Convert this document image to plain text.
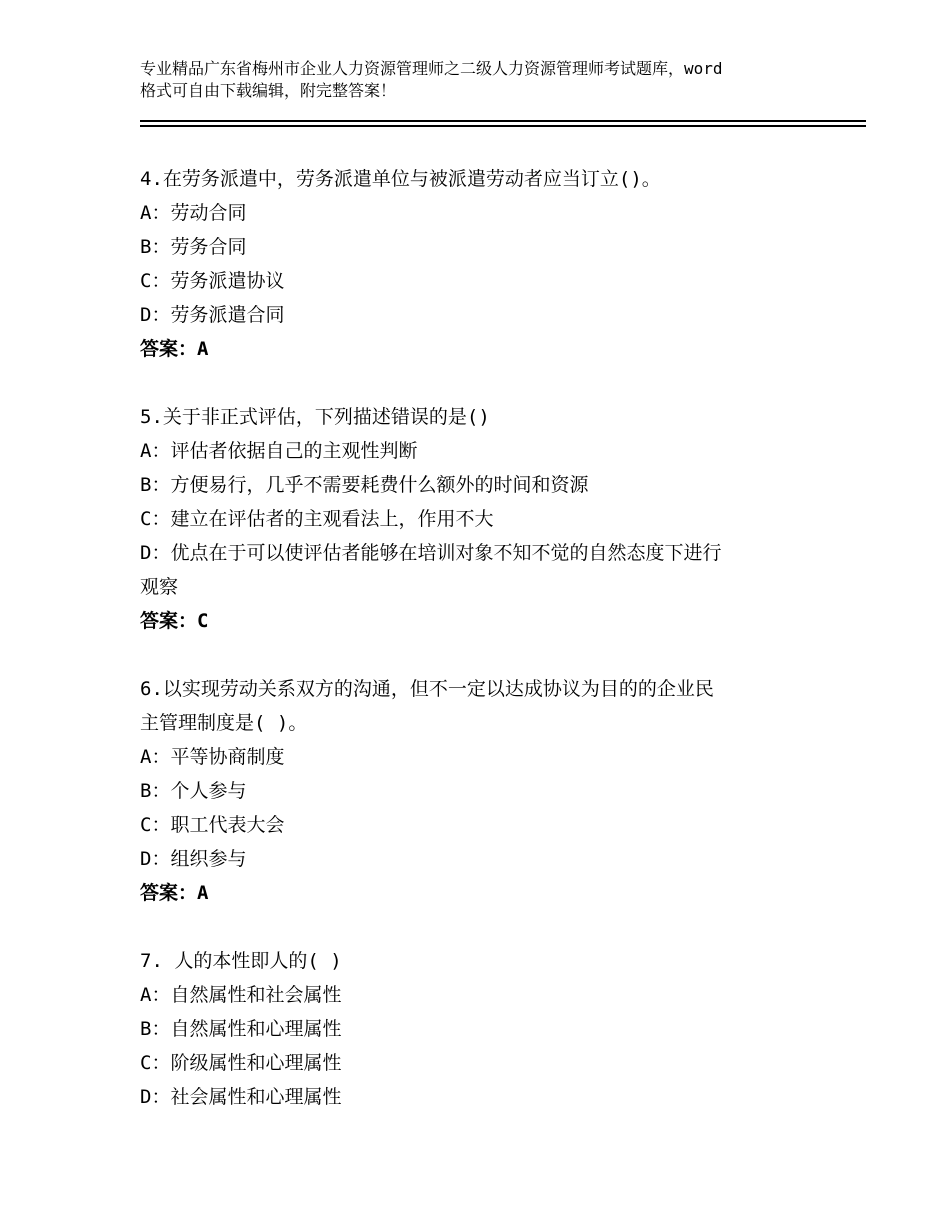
专业精品广东省梅州市企业人力资源管理师之二级人力资源管理师考试题库，word
格式可自由下载编辑，附完整答案！
4.在劳务派遣中，劳务派遣单位与被派遣劳动者应当订立()。
A：劳动合同
B：劳务合同
C：劳务派遣协议
D：劳务派遣合同
答案：A
5.关于非正式评估，下列描述错误的是()
A：评估者依据自己的主观性判断
B：方便易行，几乎不需要耗费什么额外的时间和资源
C：建立在评估者的主观看法上，作用不大
D：优点在于可以使评估者能够在培训对象不知不觉的自然态度下进行
观察
答案：C
6.以实现劳动关系双方的沟通，但不一定以达成协议为目的的企业民
主管理制度是( )。
A：平等协商制度
B：个人参与
C：职工代表大会
D：组织参与
答案：A
7. 人的本性即人的( )
A：自然属性和社会属性
B：自然属性和心理属性
C：阶级属性和心理属性
D：社会属性和心理属性
